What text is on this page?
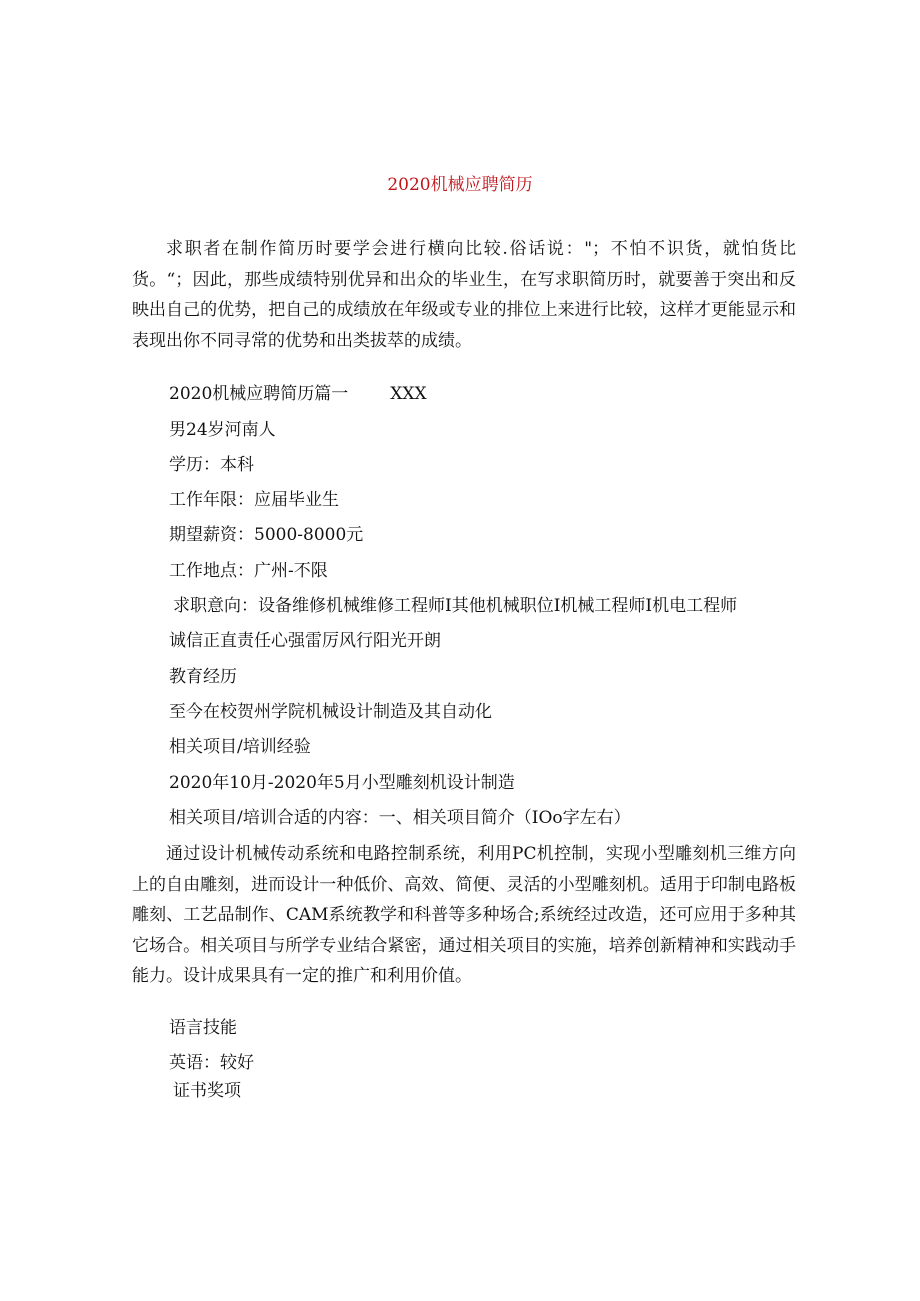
2020机械应聘简历
求职者在制作简历时要学会进行横向比较.俗话说："；不怕不识货，就怕货比货。“；因此，那些成绩特别优异和出众的毕业生，在写求职简历时，就要善于突出和反映出自己的优势，把自己的成绩放在年级或专业的排位上来进行比较，这样才更能显示和表现出你不同寻常的优势和出类拔萃的成绩。
2020机械应聘简历篇一 XXX
男24岁河南人
学历：本科
工作年限：应届毕业生
期望薪资：5000-8000元
工作地点：广州-不限
求职意向：设备维修机械维修工程师I其他机械职位I机械工程师I机电工程师
诚信正直责任心强雷厉风行阳光开朗
教育经历
至今在校贺州学院机械设计制造及其自动化
相关项目/培训经验
2020年10月-2020年5月小型雕刻机设计制造
相关项目/培训合适的内容：一、相关项目简介（IOo字左右）
通过设计机械传动系统和电路控制系统，利用PC机控制，实现小型雕刻机三维方向上的自由雕刻，进而设计一种低价、高效、简便、灵活的小型雕刻机。适用于印制电路板雕刻、工艺品制作、CAM系统教学和科普等多种场合;系统经过改造，还可应用于多种其它场合。相关项目与所学专业结合紧密，通过相关项目的实施，培养创新精神和实践动手能力。设计成果具有一定的推广和利用价值。
语言技能
英语：较好
证书奖项
